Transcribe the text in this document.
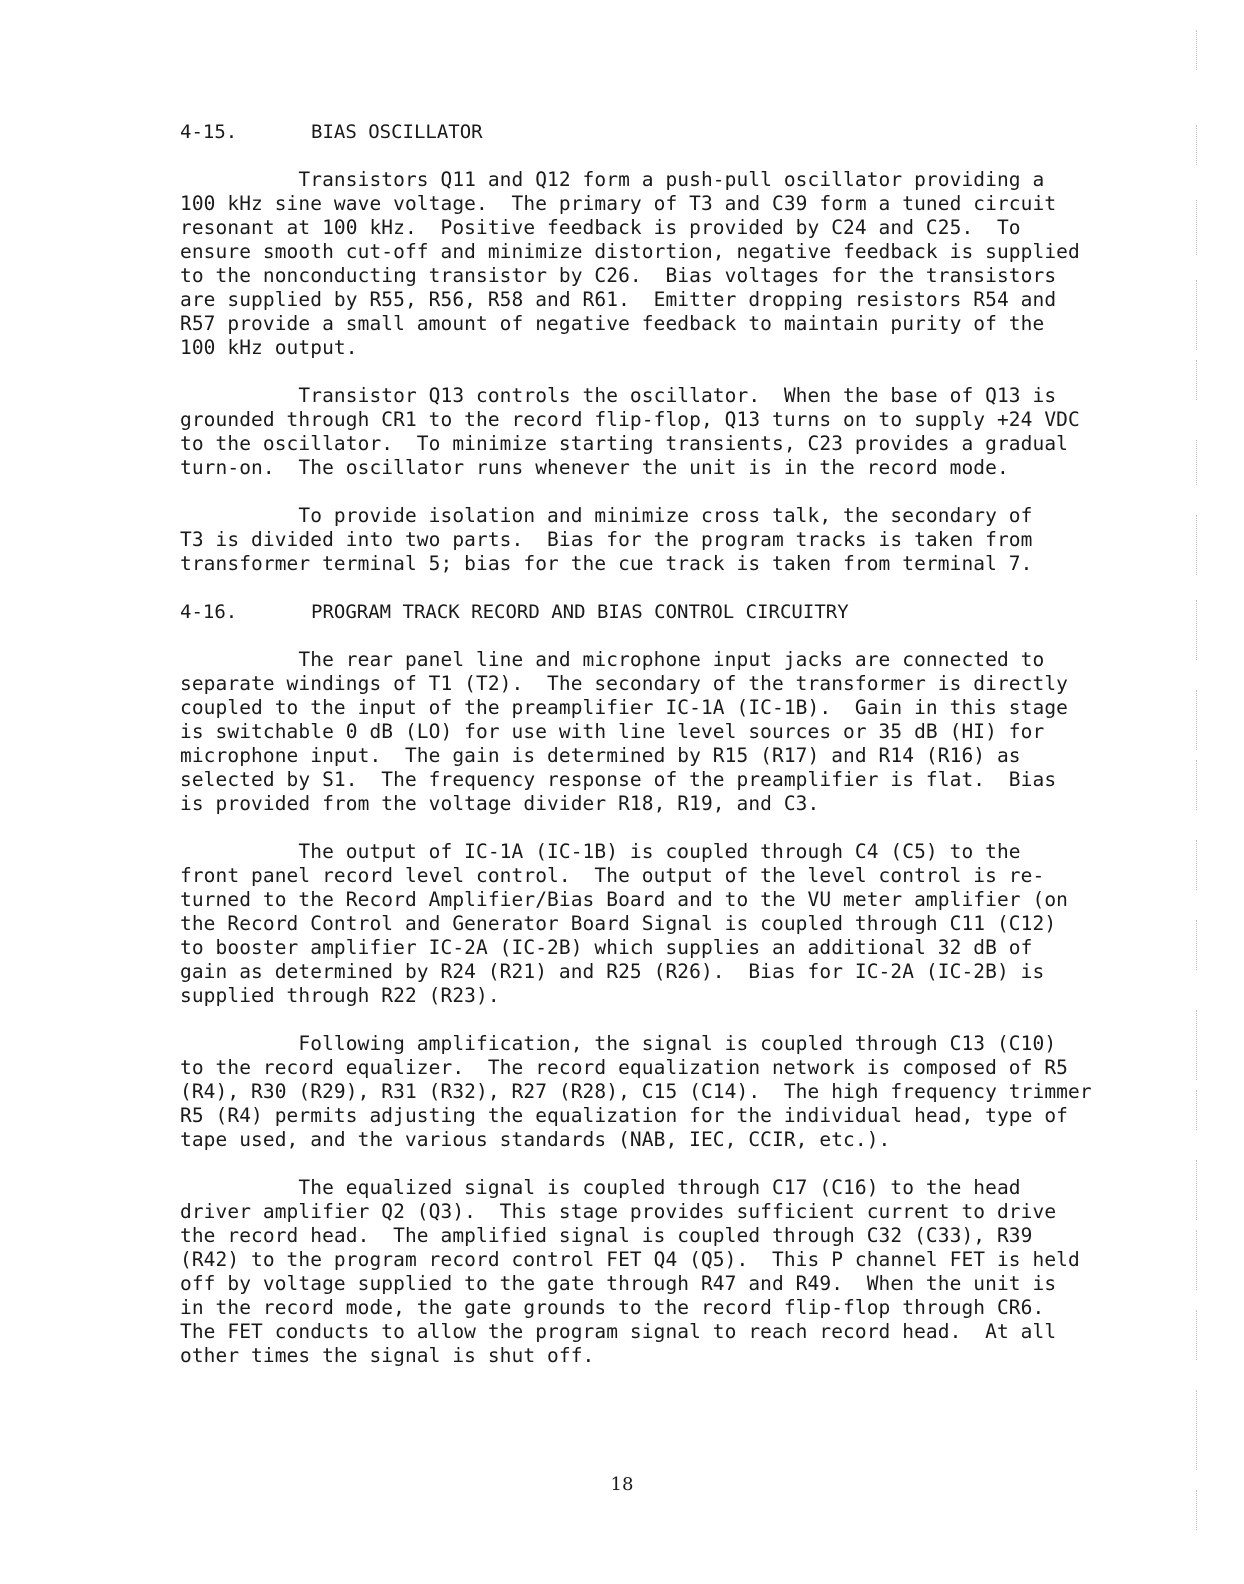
4-15.	BIAS OSCILLATOR
Transistors Q11 and Q12 form a push-pull oscillator providing a
100 kHz sine wave voltage.  The primary of T3 and C39 form a tuned circuit
resonant at 100 kHz.  Positive feedback is provided by C24 and C25.  To
ensure smooth cut-off and minimize distortion, negative feedback is supplied
to the nonconducting transistor by C26.  Bias voltages for the transistors
are supplied by R55, R56, R58 and R61.  Emitter dropping resistors R54 and
R57 provide a small amount of negative feedback to maintain purity of the
100 kHz output.
Transistor Q13 controls the oscillator.  When the base of Q13 is
grounded through CR1 to the record flip-flop, Q13 turns on to supply +24 VDC
to the oscillator.  To minimize starting transients, C23 provides a gradual
turn-on.  The oscillator runs whenever the unit is in the record mode.
To provide isolation and minimize cross talk, the secondary of
T3 is divided into two parts.  Bias for the program tracks is taken from
transformer terminal 5; bias for the cue track is taken from terminal 7.
4-16.	PROGRAM TRACK RECORD AND BIAS CONTROL CIRCUITRY
The rear panel line and microphone input jacks are connected to
separate windings of T1 (T2).  The secondary of the transformer is directly
coupled to the input of the preamplifier IC-1A (IC-1B).  Gain in this stage
is switchable 0 dB (LO) for use with line level sources or 35 dB (HI) for
microphone input.  The gain is determined by R15 (R17) and R14 (R16) as
selected by S1.  The frequency response of the preamplifier is flat.  Bias
is provided from the voltage divider R18, R19, and C3.
The output of IC-1A (IC-1B) is coupled through C4 (C5) to the
front panel record level control.  The output of the level control is re-
turned to the Record Amplifier/Bias Board and to the VU meter amplifier (on
the Record Control and Generator Board Signal is coupled through C11 (C12)
to booster amplifier IC-2A (IC-2B) which supplies an additional 32 dB of
gain as determined by R24 (R21) and R25 (R26).  Bias for IC-2A (IC-2B) is
supplied through R22 (R23).
Following amplification, the signal is coupled through C13 (C10)
to the record equalizer.  The record equalization network is composed of R5
(R4), R30 (R29), R31 (R32), R27 (R28), C15 (C14).  The high frequency trimmer
R5 (R4) permits adjusting the equalization for the individual head, type of
tape used, and the various standards (NAB, IEC, CCIR, etc.).
The equalized signal is coupled through C17 (C16) to the head
driver amplifier Q2 (Q3).  This stage provides sufficient current to drive
the record head.  The amplified signal is coupled through C32 (C33), R39
(R42) to the program record control FET Q4 (Q5).  This P channel FET is held
off by voltage supplied to the gate through R47 and R49.  When the unit is
in the record mode, the gate grounds to the record flip-flop through CR6.
The FET conducts to allow the program signal to reach record head.  At all
other times the signal is shut off.
18
